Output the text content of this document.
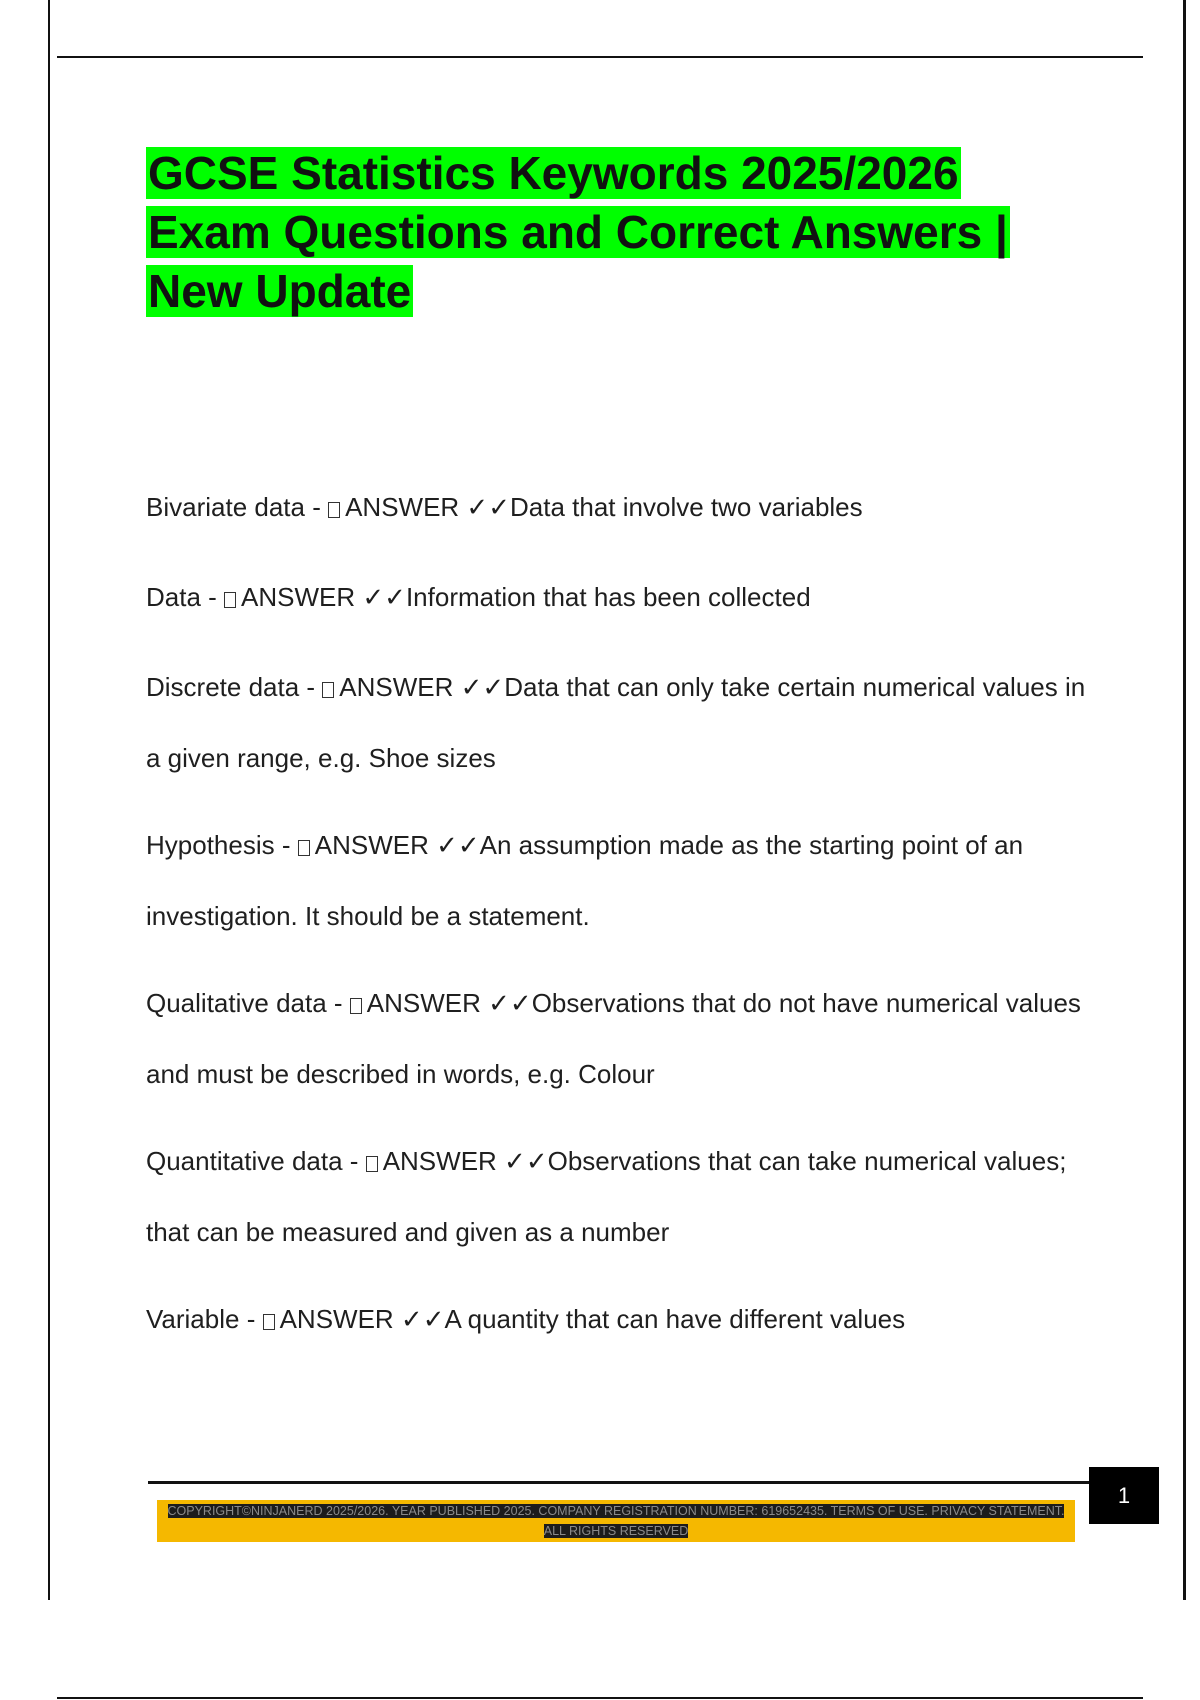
GCSE Statistics Keywords 2025/2026
Exam Questions and Correct Answers |
New Update
Bivariate data - ANSWER ✓✓Data that involve two variables
Data - ANSWER ✓✓Information that has been collected
Discrete data - ANSWER ✓✓Data that can only take certain numerical values in a given range, e.g. Shoe sizes
Hypothesis - ANSWER ✓✓An assumption made as the starting point of an investigation. It should be a statement.
Qualitative data - ANSWER ✓✓Observations that do not have numerical values and must be described in words, e.g. Colour
Quantitative data - ANSWER ✓✓Observations that can take numerical values; that can be measured and given as a number
Variable - ANSWER ✓✓A quantity that can have different values
1
COPYRIGHT©NINJANERD 2025/2026. YEAR PUBLISHED 2025. COMPANY REGISTRATION NUMBER: 619652435. TERMS OF USE. PRIVACY STATEMENT. ALL RIGHTS RESERVED
